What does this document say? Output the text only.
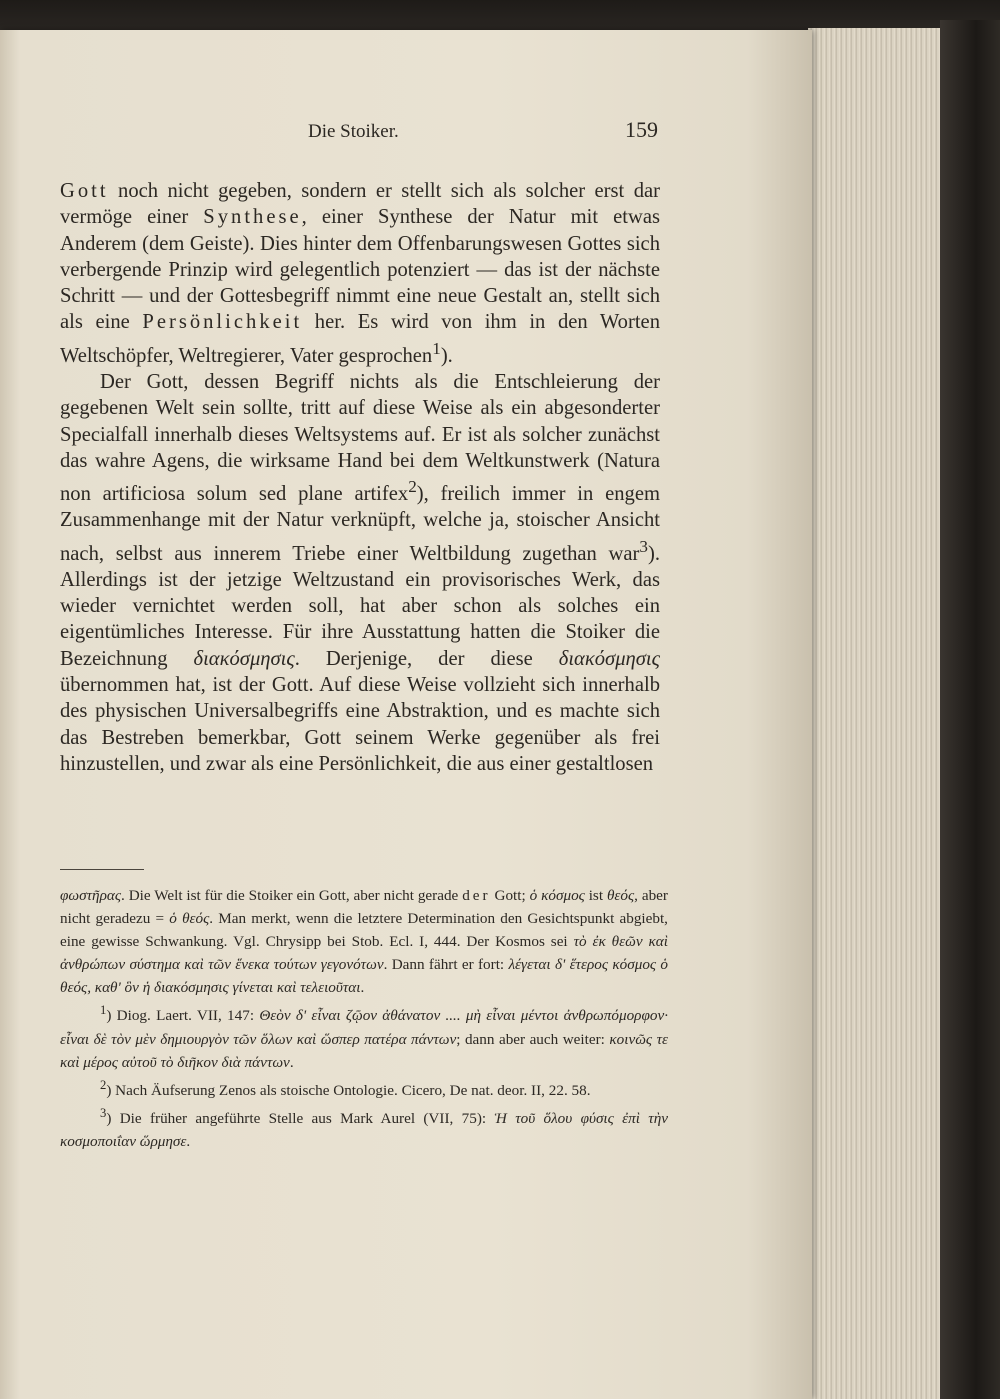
Die Stoiker.	159

Gott noch nicht gegeben, sondern er stellt sich als solcher erst dar vermöge einer Synthese, einer Synthese der Natur mit etwas Anderem (dem Geiste). Dies hinter dem Offenbarungswesen Gottes sich verbergende Prinzip wird gelegentlich potenziert — das ist der nächste Schritt — und der Gottesbegriff nimmt eine neue Gestalt an, stellt sich als eine Persönlichkeit her. Es wird von ihm in den Worten Weltschöpfer, Weltregierer, Vater gesprochen$^1$).

Der Gott, dessen Begriff nichts als die Entschleierung der gegebenen Welt sein sollte, tritt auf diese Weise als ein abgesonderter Specialfall innerhalb dieses Weltsystems auf. Er ist als solcher zunächst das wahre Agens, die wirksame Hand bei dem Weltkunstwerk (Natura non artificiosa solum sed plane artifex$^2$), freilich immer in engem Zusammenhange mit der Natur verknüpft, welche ja, stoischer Ansicht nach, selbst aus innerem Triebe einer Weltbildung zugethan war$^3$). Allerdings ist der jetzige Weltzustand ein provisorisches Werk, das wieder vernichtet werden soll, hat aber schon als solches ein eigentümliches Interesse. Für ihre Ausstattung hatten die Stoiker die Bezeichnung διακόσμησις. Derjenige, der diese διακόσμησις übernommen hat, ist der Gott. Auf diese Weise vollzieht sich innerhalb des physischen Universalbegriffs eine Abstraktion, und es machte sich das Bestreben bemerkbar, Gott seinem Werke gegenüber als frei hinzustellen, und zwar als eine Persönlichkeit, die aus einer gestaltlosen

φωστῆρας. Die Welt ist für die Stoiker ein Gott, aber nicht gerade der Gott; ὁ κόσμος ist θεός, aber nicht geradezu = ὁ θεός. Man merkt, wenn die letztere Determination den Gesichtspunkt abgiebt, eine gewisse Schwankung. Vgl. Chrysipp bei Stob. Ecl. I, 444. Der Kosmos sei τὸ ἐκ θεῶν καὶ ἀνθρώπων σύστημα καὶ τῶν ἕνεκα τούτων γεγονότων. Dann fährt er fort: λέγεται δ' ἕτερος κόσμος ὁ θεός, καθ' ὃν ἡ διακόσμησις γίνεται καὶ τελειοῦται.

$^1$) Diog. Laert. VII, 147: Θεὸν δ' εἶναι ζῷον ἀθάνατον .... μὴ εἶναι μέντοι ἀνθρωπόμορφον· εἶναι δὲ τὸν μὲν δημιουργὸν τῶν ὅλων καὶ ὥσπερ πατέρα πάντων; dann aber auch weiter: κοινῶς τε καὶ μέρος αὐτοῦ τὸ διῆκον διὰ πάντων.

$^2$) Nach Äufserung Zenos als stoische Ontologie. Cicero, De nat. deor. II, 22. 58.

$^3$) Die früher angeführte Stelle aus Mark Aurel (VII, 75): Ἡ τοῦ ὅλου φύσις ἐπὶ τὴν κοσμοποιΐαν ὥρμησε.
